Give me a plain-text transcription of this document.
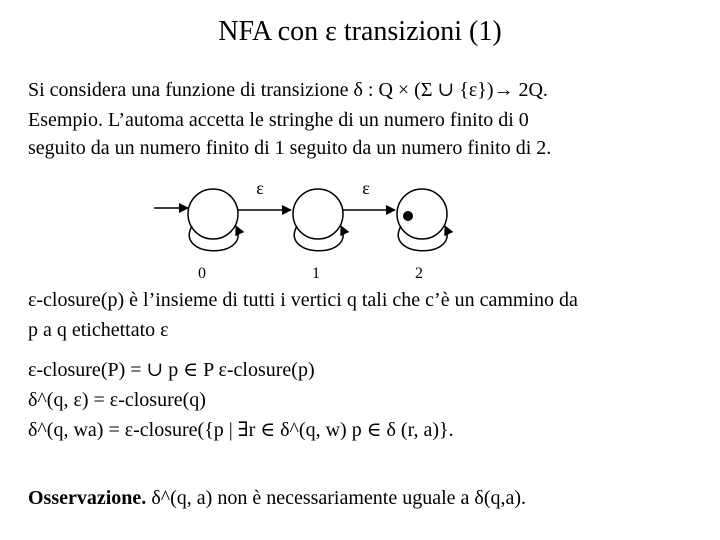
NFA con ε transizioni (1)
Si considera una funzione di transizione δ : Q × (Σ ∪ {ε})→ 2Q.
Esempio. L’automa accetta le stringhe di un numero finito di 0
seguito da un numero finito di 1 seguito da un numero finito di 2.
ε	ε
0	1	2
ε-closure(p) è l’insieme di tutti i vertici q tali che c’è un cammino da
p a q etichettato ε
ε-closure(P) = ∪ p ∈ P ε-closure(p)
δ^(q, ε) = ε-closure(q)
δ^(q, wa) = ε-closure({p | ∃r ∈ δ^(q, w) p ∈ δ (r, a)}.
Osservazione. δ^(q, a) non è necessariamente uguale a δ(q,a).
